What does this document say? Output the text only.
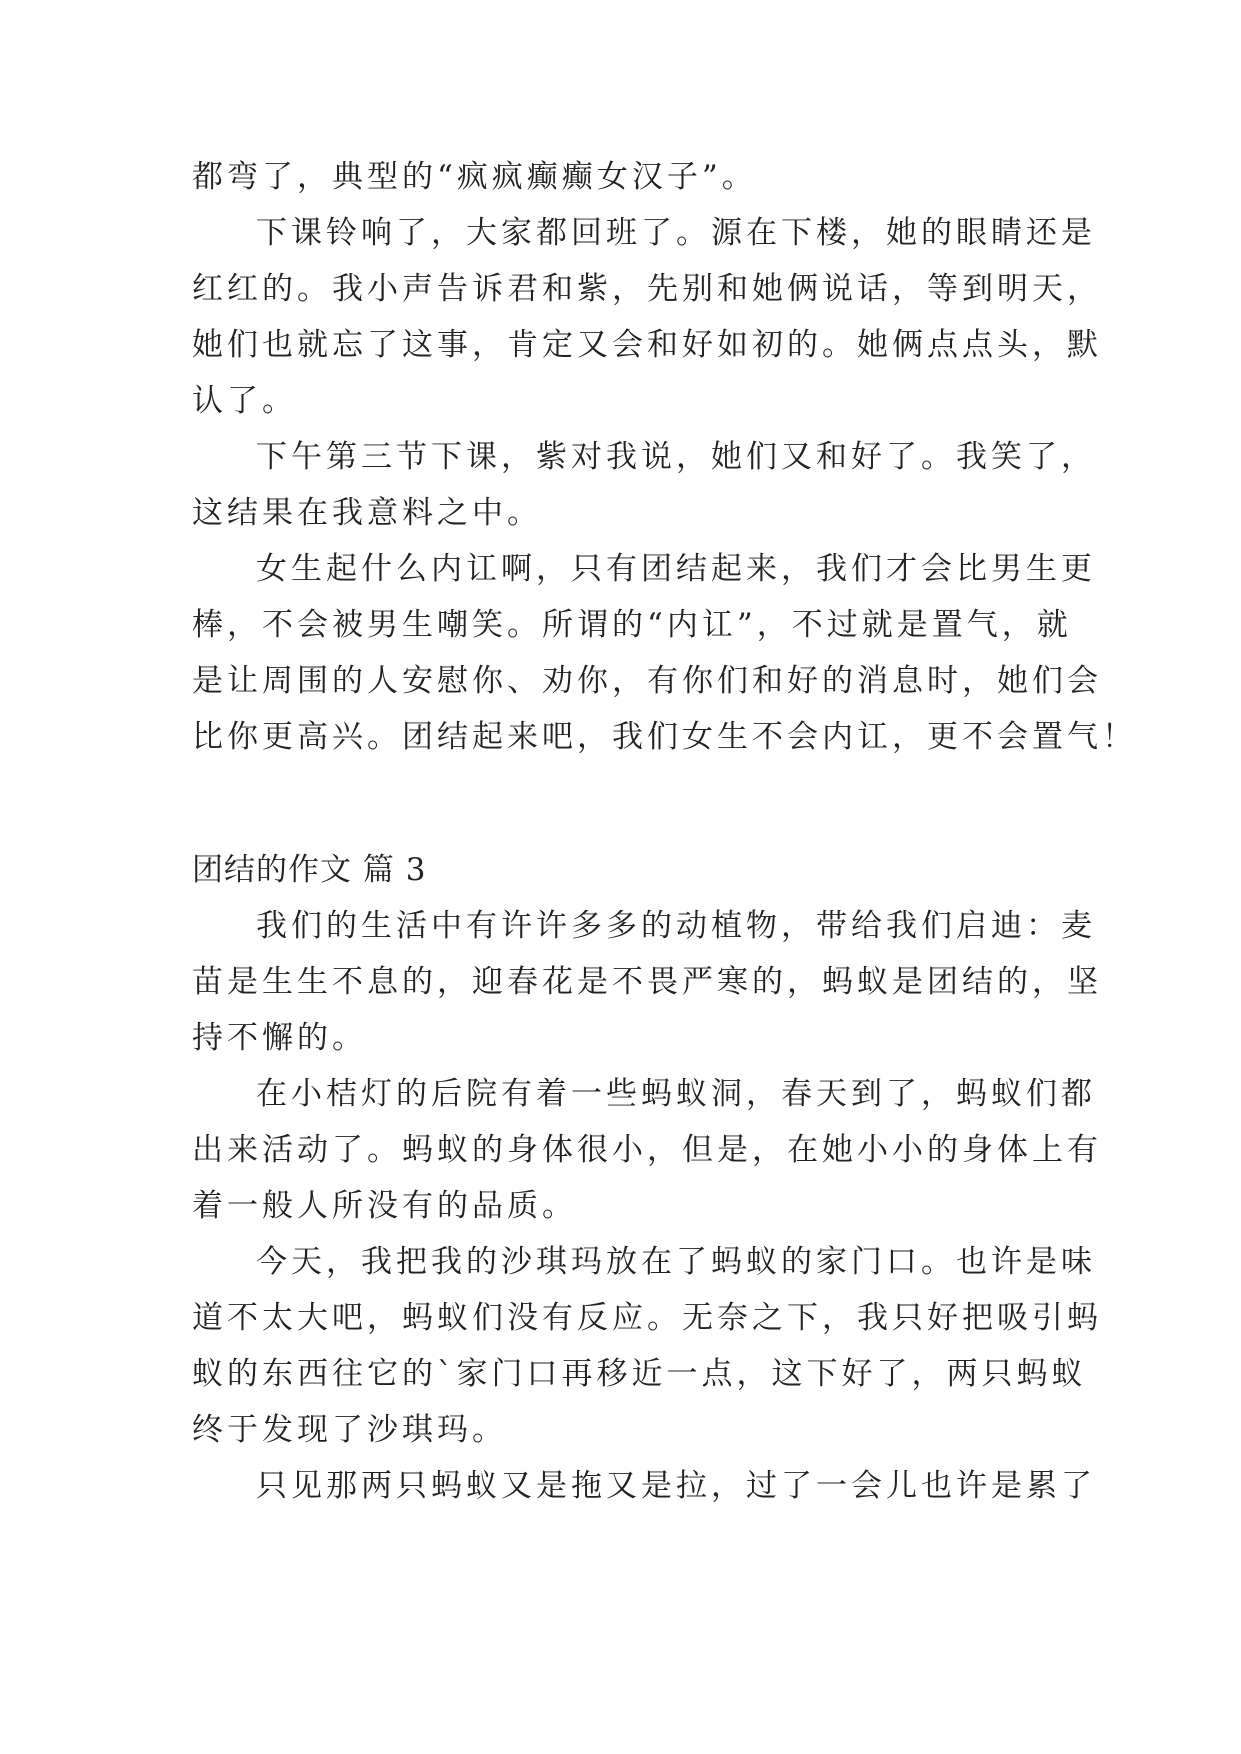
都弯了，典型的“疯疯癫癫女汉子”。
下课铃响了，大家都回班了。源在下楼，她的眼睛还是
红红的。我小声告诉君和紫，先别和她俩说话，等到明天，
她们也就忘了这事，肯定又会和好如初的。她俩点点头，默
认了。
下午第三节下课，紫对我说，她们又和好了。我笑了，
这结果在我意料之中。
女生起什么内讧啊，只有团结起来，我们才会比男生更
棒，不会被男生嘲笑。所谓的“内讧”，不过就是置气，就
是让周围的人安慰你、劝你，有你们和好的消息时，她们会
比你更高兴。团结起来吧，我们女生不会内讧，更不会置气！
团结的作文 篇 3
我们的生活中有许许多多的动植物，带给我们启迪：麦
苗是生生不息的，迎春花是不畏严寒的，蚂蚁是团结的，坚
持不懈的。
在小桔灯的后院有着一些蚂蚁洞，春天到了，蚂蚁们都
出来活动了。蚂蚁的身体很小，但是，在她小小的身体上有
着一般人所没有的品质。
今天，我把我的沙琪玛放在了蚂蚁的家门口。也许是味
道不太大吧，蚂蚁们没有反应。无奈之下，我只好把吸引蚂
蚁的东西往它的`家门口再移近一点，这下好了，两只蚂蚁
终于发现了沙琪玛。
只见那两只蚂蚁又是拖又是拉，过了一会儿也许是累了
